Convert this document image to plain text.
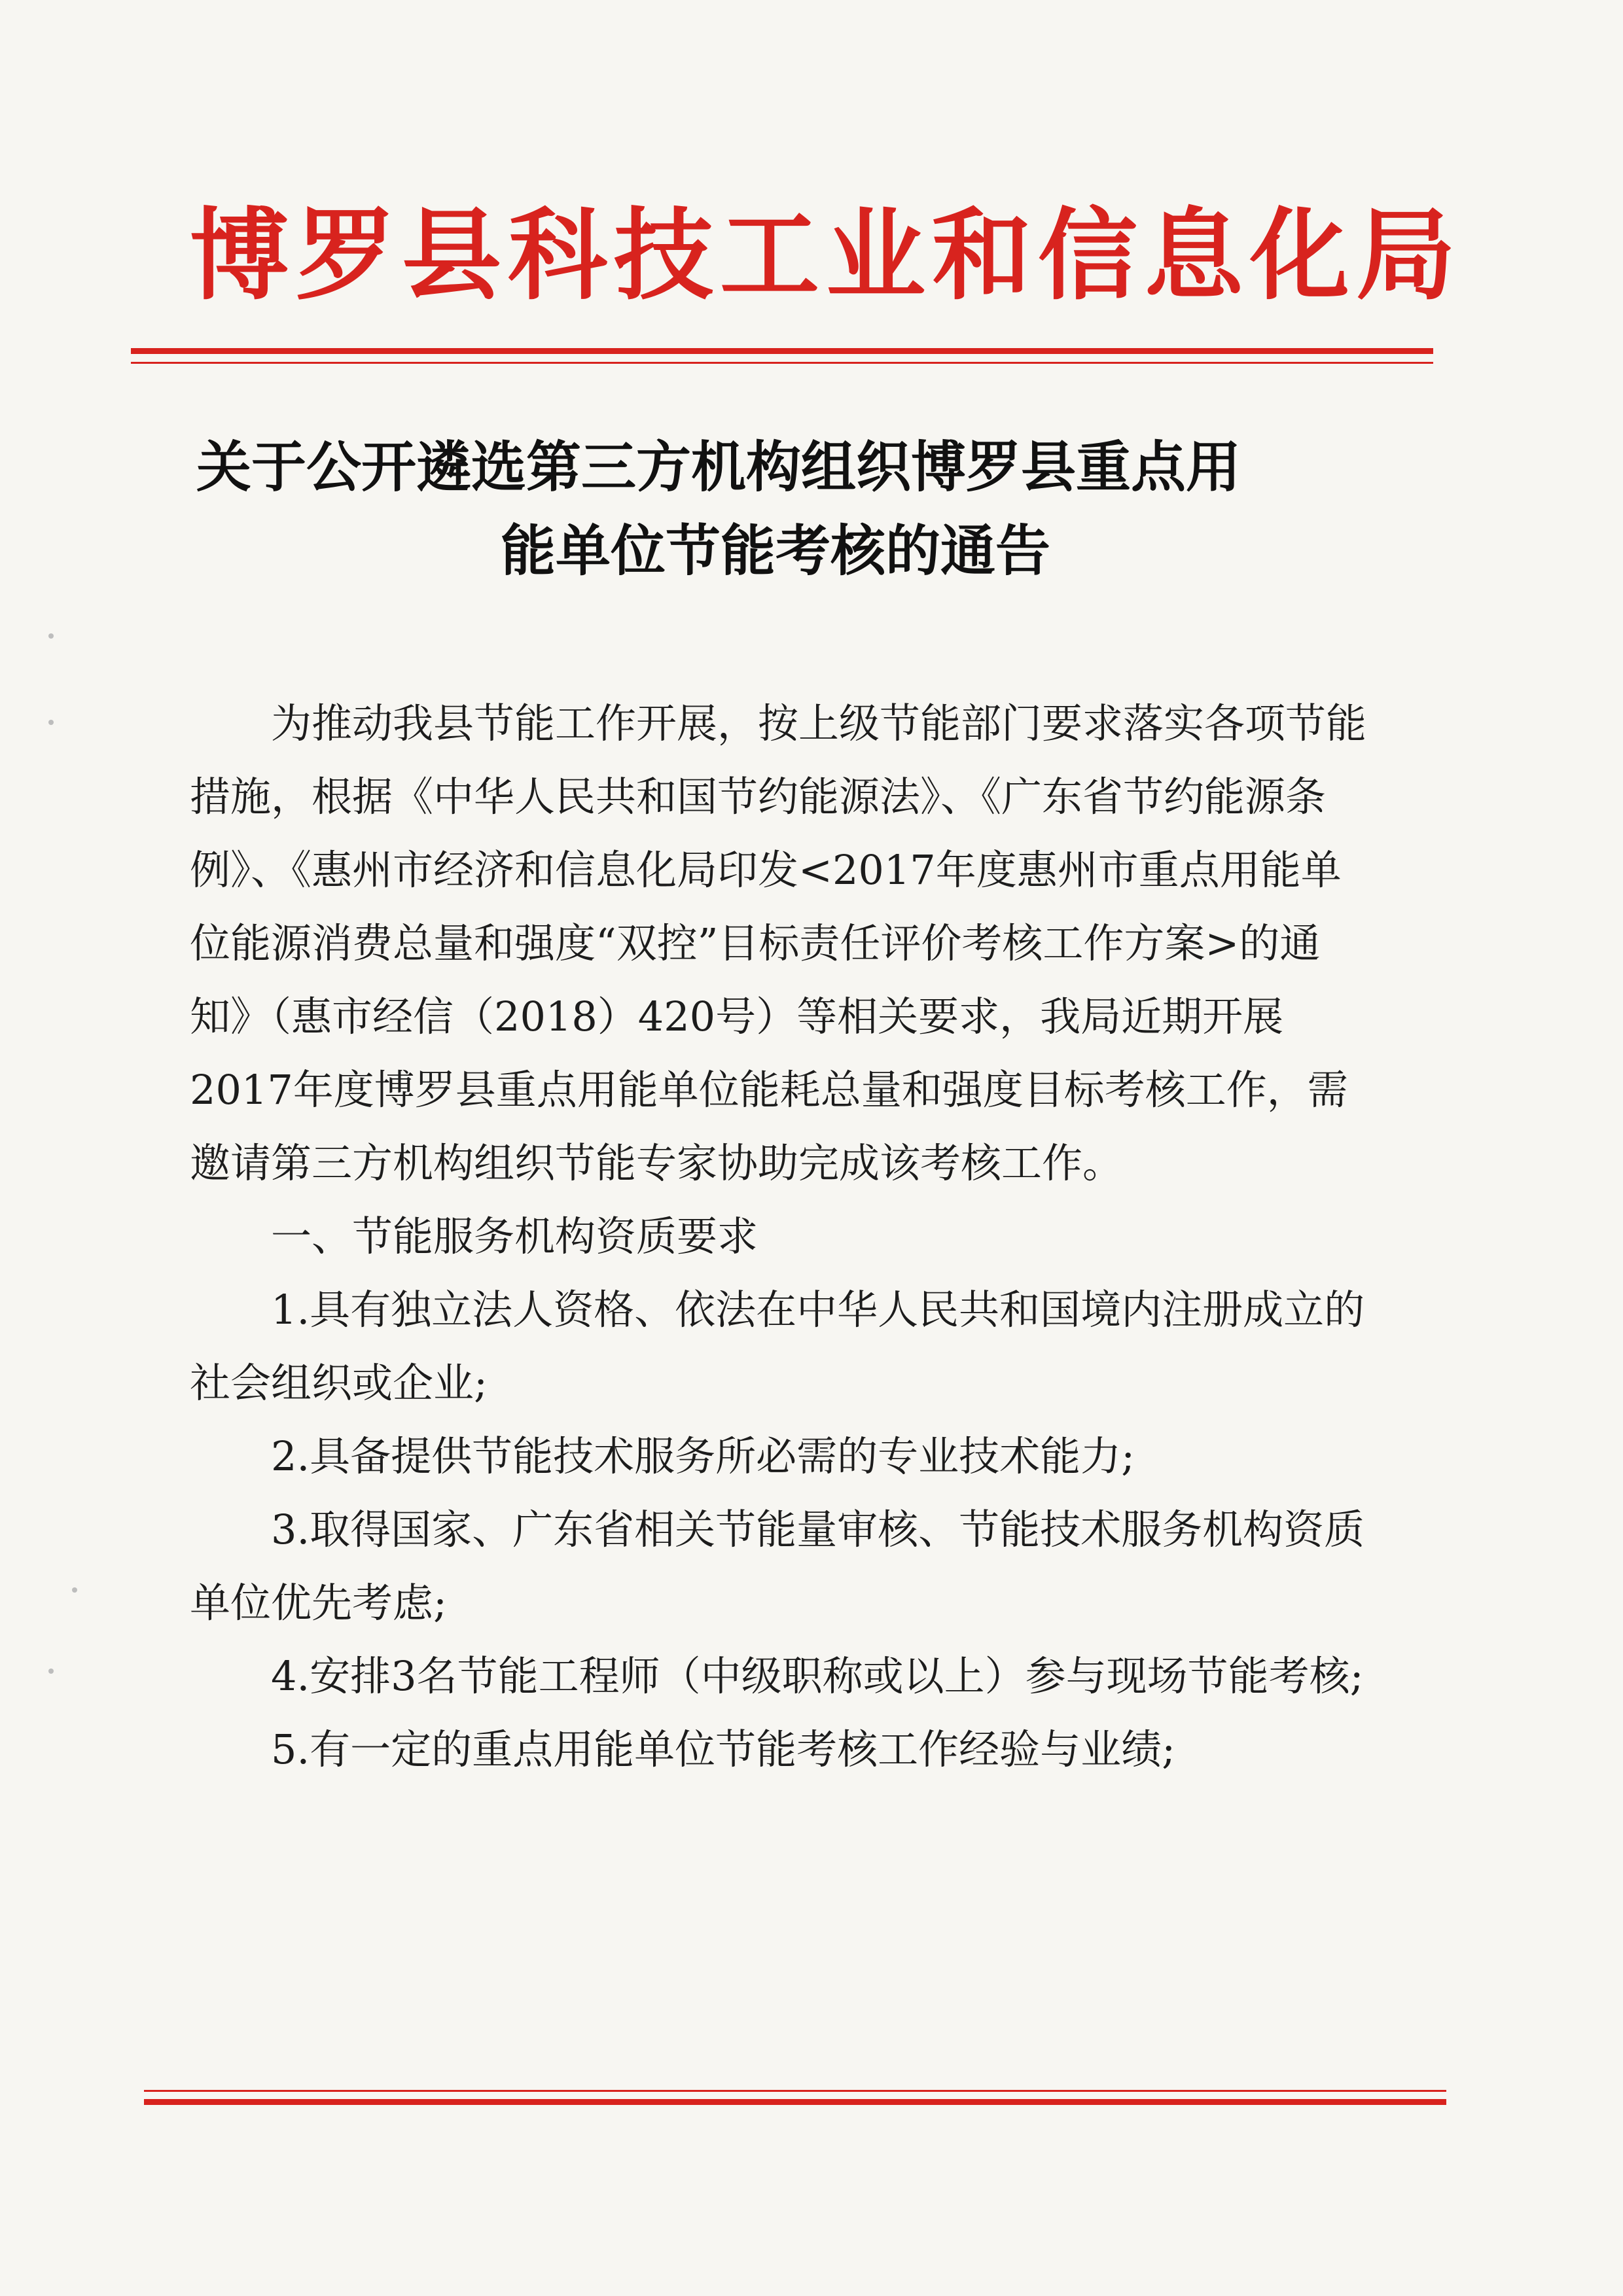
博罗县科技工业和信息化局
关于公开遴选第三方机构组织博罗县重点用
能单位节能考核的通告

为推动我县节能工作开展，按上级节能部门要求落实各项节能措施，根据《中华人民共和国节约能源法》、《广东省节约能源条例》、《惠州市经济和信息化局印发<2017年度惠州市重点用能单位能源消费总量和强度“双控”目标责任评价考核工作方案>的通知》（惠市经信（2018）420号）等相关要求，我局近期开展2017年度博罗县重点用能单位能耗总量和强度目标考核工作，需邀请第三方机构组织节能专家协助完成该考核工作。

一、节能服务机构资质要求

1.具有独立法人资格、依法在中华人民共和国境内注册成立的社会组织或企业;

2.具备提供节能技术服务所必需的专业技术能力;

3.取得国家、广东省相关节能量审核、节能技术服务机构资质单位优先考虑;

4.安排3名节能工程师（中级职称或以上）参与现场节能考核;

5.有一定的重点用能单位节能考核工作经验与业绩;
